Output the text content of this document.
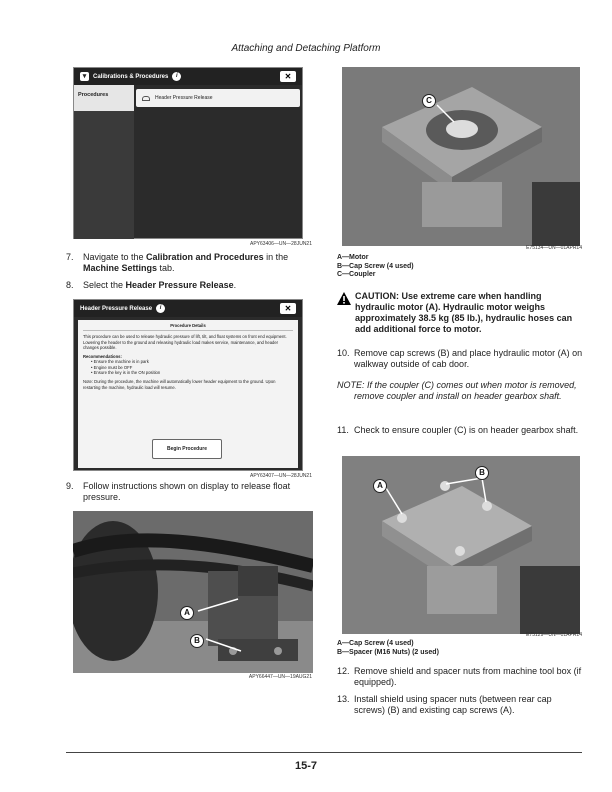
Attaching and Detaching Platform
▾	Calibrations & Procedures	i	✕
Procedures	Header Pressure Release
APY63406—UN—28JUN21
7. Navigate to the Calibration and Procedures in the Machine Settings tab.
8. Select the Header Pressure Release.
Header Pressure Release	i	✕
Procedure Details
This procedure can be used to release hydraulic pressure of lift, tilt, and float systems on front end equipment. Lowering the header to the ground and releasing hydraulic load makes service, maintenance, and header changes possible.
Recommendations:
• Ensure the machine is in park
• Engine must be OFF
• Ensure the key is in the ON position
Note: During the procedure, the machine will automatically lower header equipment to the ground. Upon restarting the machine, hydraulic load will resume.
Begin Procedure
APY63407—UN—28JUN21
9. Follow instructions shown on display to release float pressure.
A
B
APY66447—UN—19AUG21
C
E75134—UN—01APR14
A—Motor
B—Cap Screw (4 used)
C—Coupler
CAUTION: Use extreme care when handling hydraulic motor (A). Hydraulic motor weighs approximately 38.5 kg (85 lb.), hydraulic hoses can add additional force to motor.
10. Remove cap screws (B) and place hydraulic motor (A) on walkway outside of cab door.
NOTE: If the coupler (C) comes out when motor is removed, remove coupler and install on header gearbox shaft.
11. Check to ensure coupler (C) is on header gearbox shaft.
A
B
E75129—UN—01APR14
A—Cap Screw (4 used)
B—Spacer (M16 Nuts) (2 used)
12. Remove shield and spacer nuts from machine tool box (if equipped).
13. Install shield using spacer nuts (between rear cap screws) (B) and existing cap screws (A).
15-7
